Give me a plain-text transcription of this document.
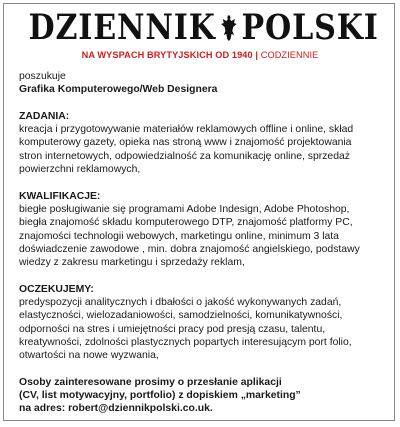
DZIENNIK POLSKI
NA WYSPACH BRYTYJSKICH OD 1940 | CODZIENNIE

poszukuje

Grafika Komputerowego/Web Designera

ZADANIA:

kreacja i przygotowywanie materiałów reklamowych offline i online, skład

komputerowy gazety, opieka nas stroną www i znajomość projektowania

stron internetowych, odpowiedzialność za komunikację online, sprzedaż

powierzchni reklamowych,

KWALIFIKACJE:

biegłe posługiwanie się programami Adobe Indesign, Adobe Photoshop,

biegła znajomość składu komputerowego DTP, znajomość platformy PC,

znajomości technologii webowych, marketingu online, minimum 3 lata

doświadczenie zawodowe , min. dobra znajomość angielskiego, podstawy

wiedzy z zakresu marketingu i sprzedaży reklam,

OCZEKUJEMY:

predyspozycji analitycznych i dbałości o jakość wykonywanych zadań,

elastyczności, wielozadaniowości, samodzielności, komunikatywności,

odporności na stres i umiejętności pracy pod presją czasu, talentu,

kreatywności, zdolności plastycznych popartych interesującym port folio,

otwartości na nowe wyzwania,

Osoby zainteresowane prosimy o przesłanie aplikacji

(CV, list motywacyjny, portfolio) z dopiskiem „marketing”

na adres: robert@dziennikpolski.co.uk.
